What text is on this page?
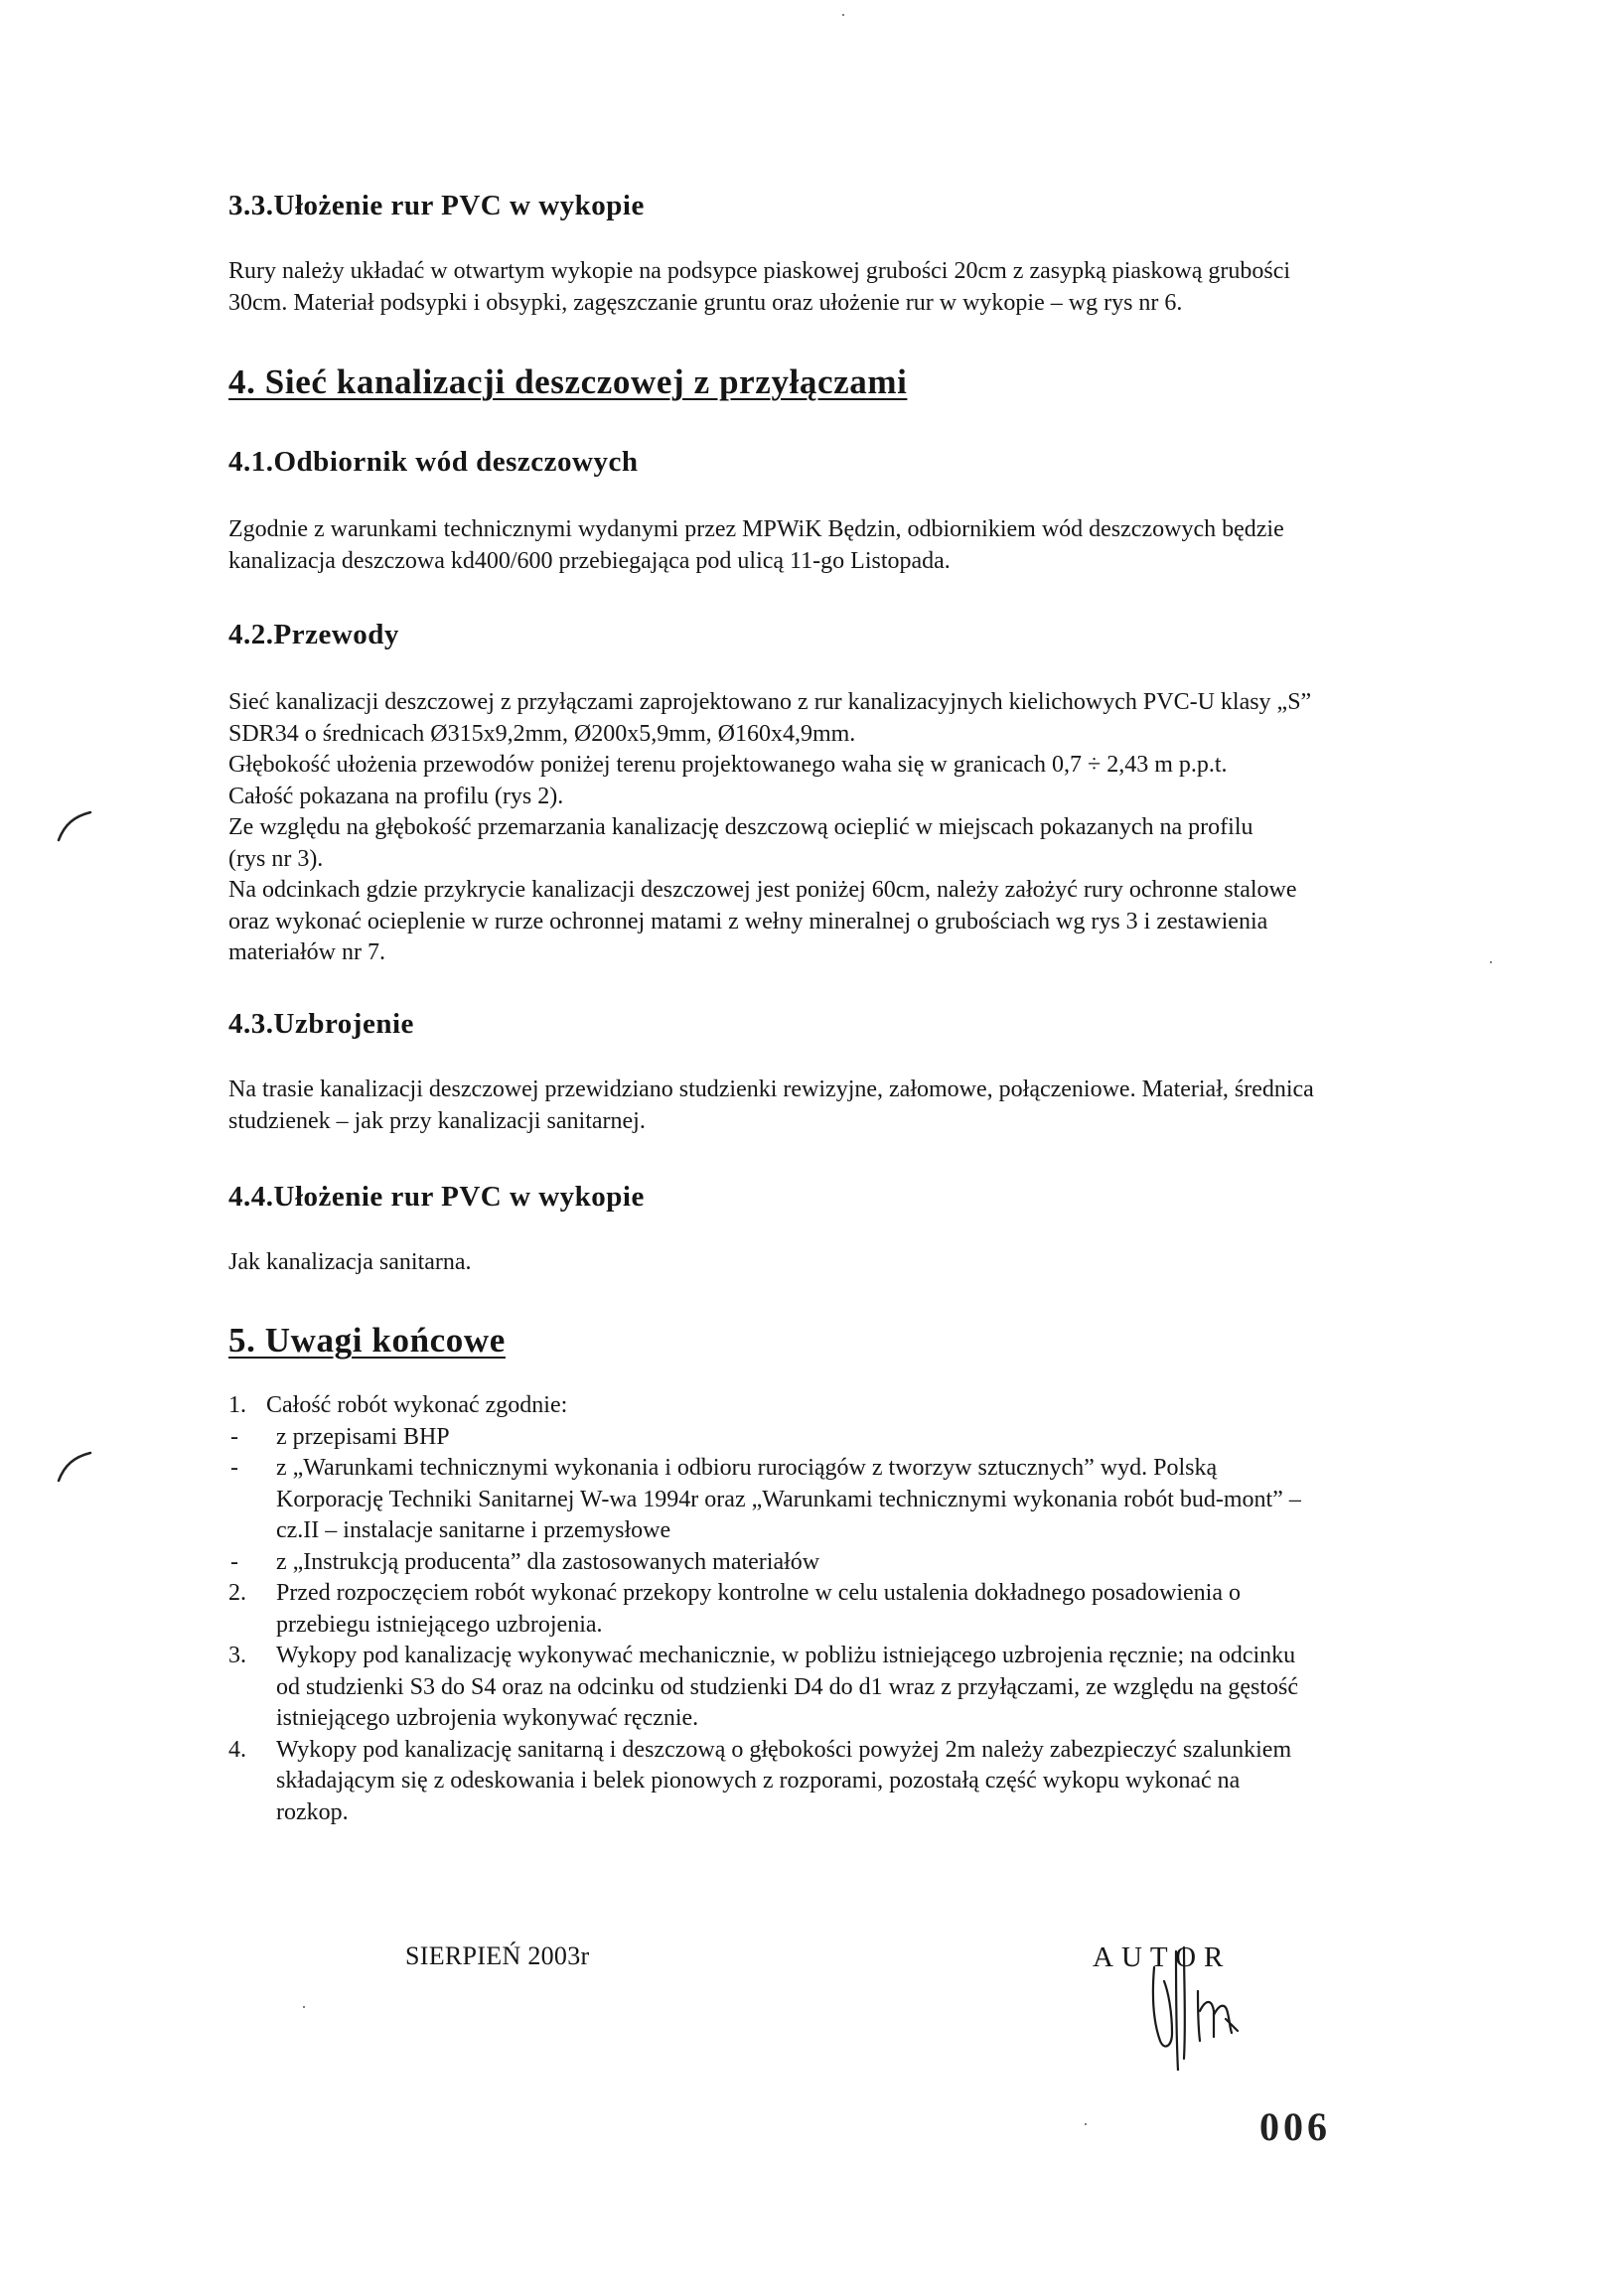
3.3.Ułożenie rur PVC w wykopie

Rury należy układać w otwartym wykopie na podsypce piaskowej grubości 20cm z zasypką piaskową grubości

30cm. Materiał podsypki i obsypki, zagęszczanie gruntu oraz ułożenie rur w wykopie – wg rys nr 6.

4. Sieć kanalizacji deszczowej z przyłączami
4.1.Odbiornik wód deszczowych

Zgodnie z warunkami technicznymi wydanymi przez MPWiK Będzin, odbiornikiem wód deszczowych będzie

kanalizacja deszczowa kd400/600 przebiegająca pod ulicą 11-go Listopada.

4.2.Przewody

Sieć kanalizacji deszczowej z przyłączami zaprojektowano z rur kanalizacyjnych kielichowych PVC-U klasy „S”

SDR34 o średnicach Ø315x9,2mm, Ø200x5,9mm, Ø160x4,9mm.

Głębokość ułożenia przewodów poniżej terenu projektowanego waha się w granicach 0,7 ÷ 2,43 m p.p.t.

Całość pokazana na profilu (rys 2).

Ze względu na głębokość przemarzania kanalizację deszczową ocieplić w miejscach pokazanych na profilu

(rys nr 3).

Na odcinkach gdzie przykrycie kanalizacji deszczowej jest poniżej 60cm, należy założyć rury ochronne stalowe

oraz wykonać ocieplenie w rurze ochronnej matami z wełny mineralnej o grubościach wg rys 3 i zestawienia

materiałów nr 7.

4.3.Uzbrojenie

Na trasie kanalizacji deszczowej przewidziano studzienki rewizyjne, załomowe, połączeniowe. Materiał, średnica

studzienek – jak przy kanalizacji sanitarnej.

4.4.Ułożenie rur PVC w wykopie

Jak kanalizacja sanitarna.

5. Uwagi końcowe
1. Całość robót wykonać zgodnie:
-	z przepisami BHP
-	z „Warunkami technicznymi wykonania i odbioru rurociągów z tworzyw sztucznych” wyd. Polską
Korporację Techniki Sanitarnej W-wa 1994r oraz „Warunkami technicznymi wykonania robót bud-mont” –
cz.II – instalacje sanitarne i przemysłowe
-	z „Instrukcją producenta” dla zastosowanych materiałów
2.	Przed rozpoczęciem robót wykonać przekopy kontrolne w celu ustalenia dokładnego posadowienia o
przebiegu istniejącego uzbrojenia.
3.	Wykopy pod kanalizację wykonywać mechanicznie, w pobliżu istniejącego uzbrojenia ręcznie; na odcinku
od studzienki S3 do S4 oraz na odcinku od studzienki D4 do d1 wraz z przyłączami, ze względu na gęstość
istniejącego uzbrojenia wykonywać ręcznie.
4.	Wykopy pod kanalizację sanitarną i deszczową o głębokości powyżej 2m należy zabezpieczyć szalunkiem
składającym się z odeskowania i belek pionowych z rozporami, pozostałą część wykopu wykonać na
rozkop.
SIERPIEŃ 2003r	AUTOR
006
